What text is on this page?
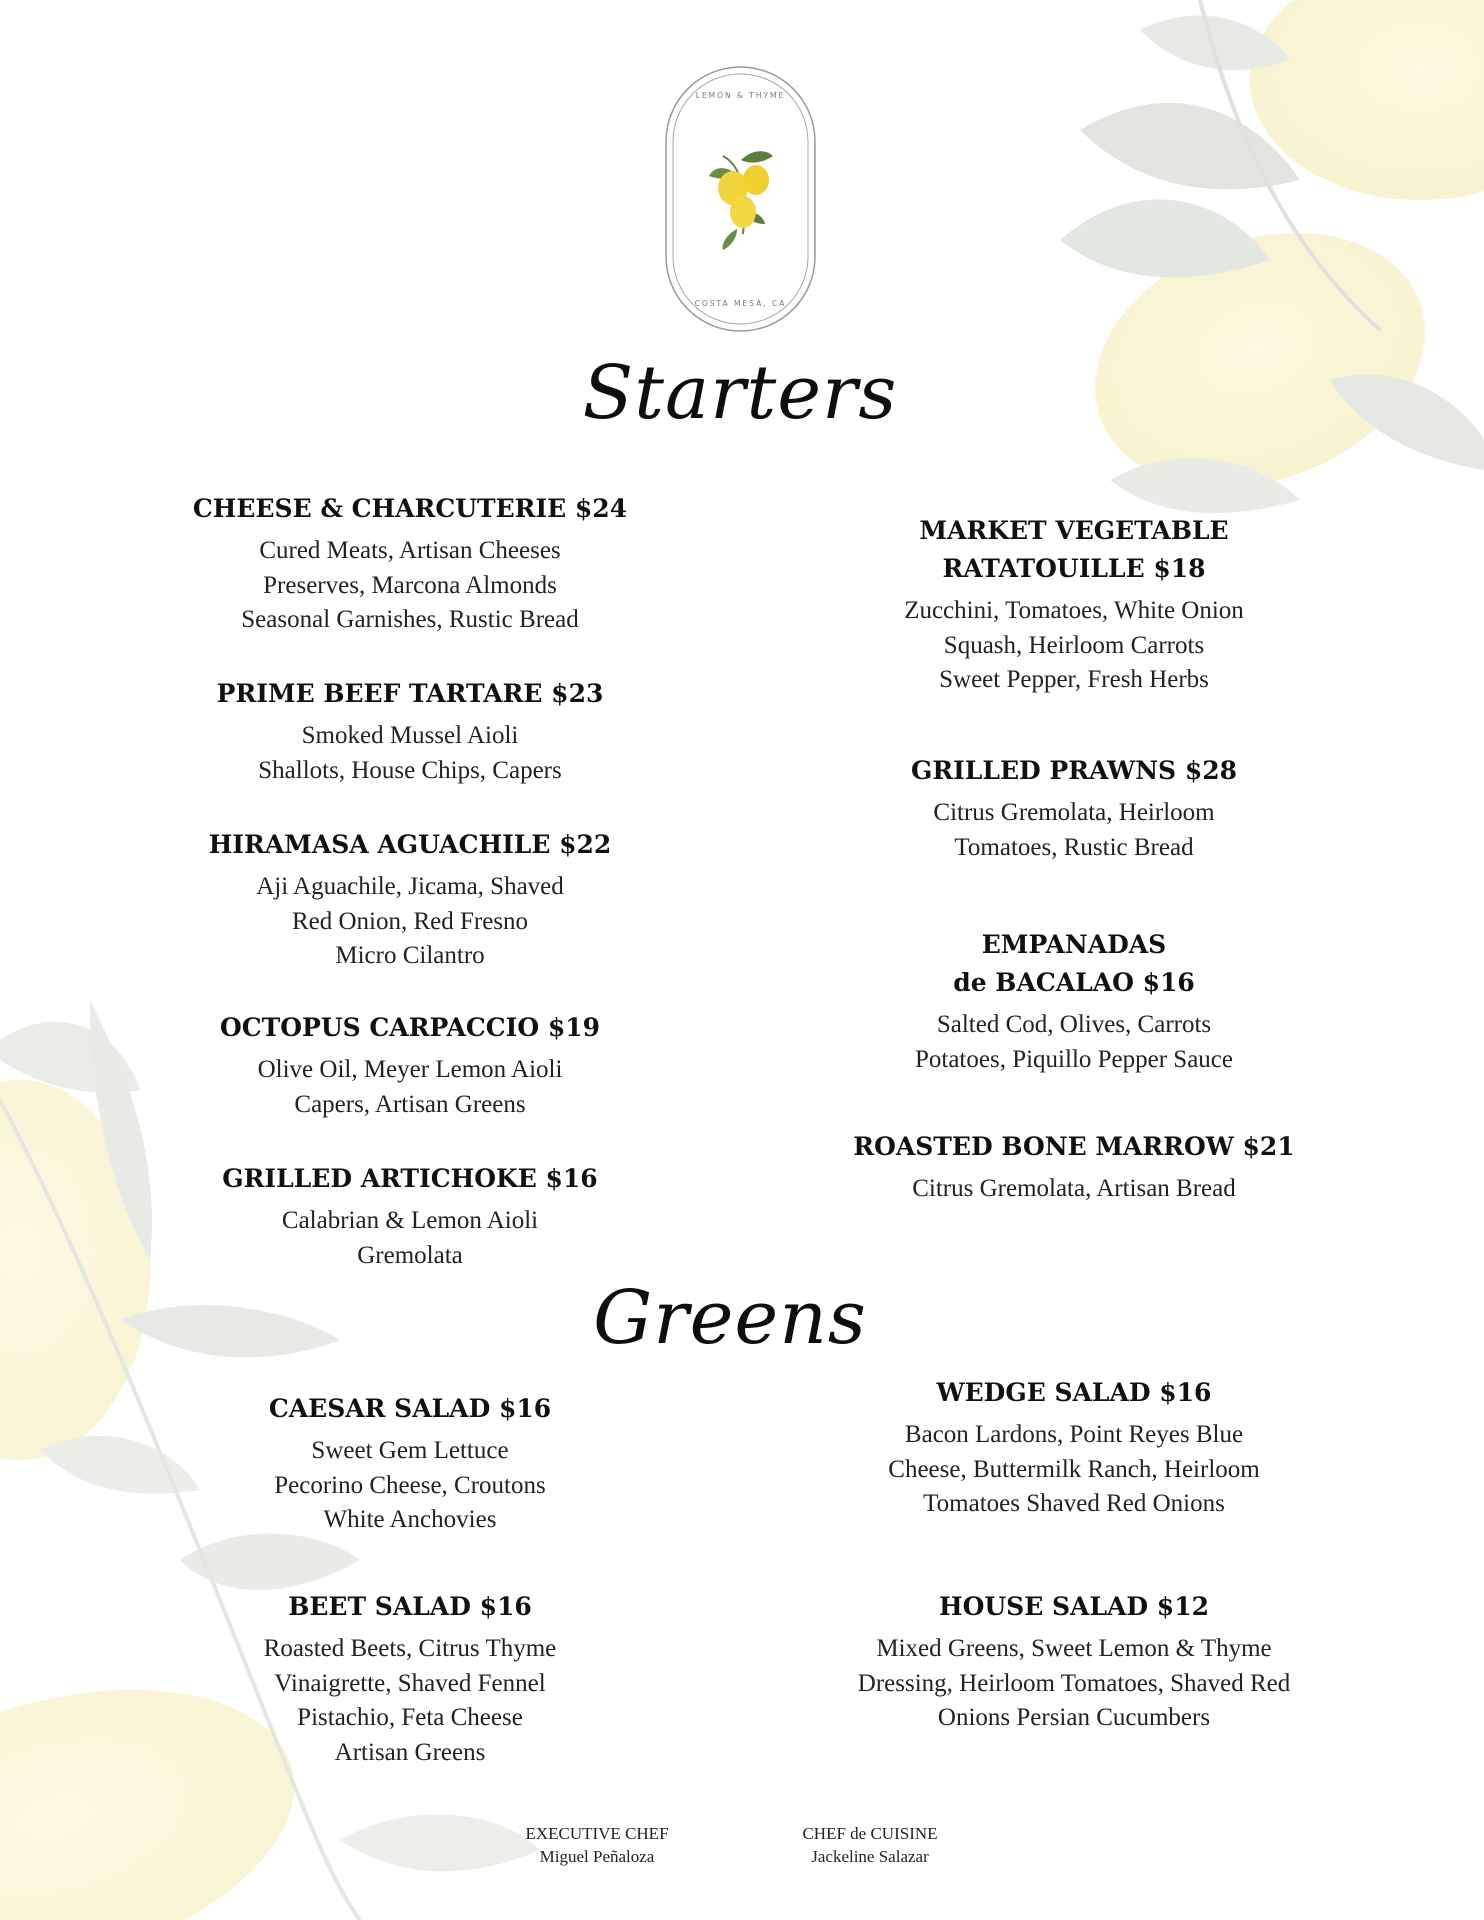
LEMON & THYME
COSTA MESA, CA
Starters
CHEESE & CHARCUTERIE $24
Cured Meats, Artisan Cheeses
Preserves, Marcona Almonds
Seasonal Garnishes, Rustic Bread
PRIME BEEF TARTARE $23
Smoked Mussel Aioli
Shallots, House Chips, Capers
HIRAMASA AGUACHILE $22
Aji Aguachile, Jicama, Shaved
Red Onion, Red Fresno
Micro Cilantro
OCTOPUS CARPACCIO $19
Olive Oil, Meyer Lemon Aioli
Capers, Artisan Greens
GRILLED ARTICHOKE $16
Calabrian & Lemon Aioli
Gremolata
MARKET VEGETABLE
RATATOUILLE $18
Zucchini, Tomatoes, White Onion
Squash, Heirloom Carrots
Sweet Pepper, Fresh Herbs
GRILLED PRAWNS $28
Citrus Gremolata, Heirloom
Tomatoes, Rustic Bread
EMPANADAS
de BACALAO $16
Salted Cod, Olives, Carrots
Potatoes, Piquillo Pepper Sauce
ROASTED BONE MARROW $21
Citrus Gremolata, Artisan Bread
Greens
CAESAR SALAD $16
Sweet Gem Lettuce
Pecorino Cheese, Croutons
White Anchovies
BEET SALAD $16
Roasted Beets, Citrus Thyme
Vinaigrette, Shaved Fennel
Pistachio, Feta Cheese
Artisan Greens
WEDGE SALAD $16
Bacon Lardons, Point Reyes Blue
Cheese, Buttermilk Ranch, Heirloom
Tomatoes Shaved Red Onions
HOUSE SALAD $12
Mixed Greens, Sweet Lemon & Thyme
Dressing, Heirloom Tomatoes, Shaved Red
Onions Persian Cucumbers
EXECUTIVE CHEF
Miguel Peñaloza
CHEF de CUISINE
Jackeline Salazar
